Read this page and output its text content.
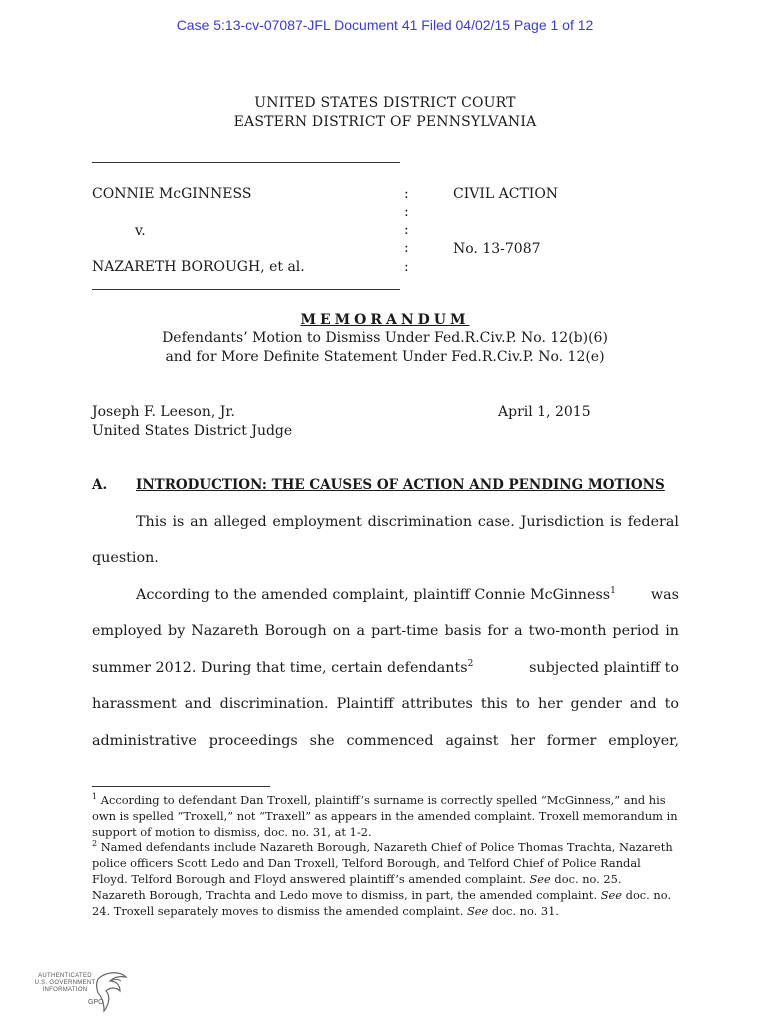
Case 5:13-cv-07087-JFL Document 41 Filed 04/02/15 Page 1 of 12
UNITED STATES DISTRICT COURT
EASTERN DISTRICT OF PENNSYLVANIA
CONNIE McGINNESS
v.
NAZARETH BOROUGH, et al.
:
:
:
:
:
CIVIL ACTION
No. 13-7087
MEMORANDUM
Defendants’ Motion to Dismiss Under Fed.R.Civ.P. No. 12(b)(6)
and for More Definite Statement Under Fed.R.Civ.P. No. 12(e)
Joseph F. Leeson, Jr.
United States District Judge
April 1, 2015
A. INTRODUCTION: THE CAUSES OF ACTION AND PENDING MOTIONS
This is an alleged employment discrimination case. Jurisdiction is federal
question.
According to the amended complaint, plaintiff Connie McGinness$^1$ was
employed by Nazareth Borough on a part-time basis for a two-month period in
summer 2012. During that time, certain defendants$^2$	subjected plaintiff to
harassment and discrimination. Plaintiff attributes this to her gender and to
administrative proceedings she commenced against her former employer,

$^1$ According to defendant Dan Troxell, plaintiff’s surname is correctly spelled “McGinness,” and his own is spelled “Troxell,” not “Traxell” as appears in the amended complaint. Troxell memorandum in support of motion to dismiss, doc. no. 31, at 1-2.

$^2$ Named defendants include Nazareth Borough, Nazareth Chief of Police Thomas Trachta, Nazareth police officers Scott Ledo and Dan Troxell, Telford Borough, and Telford Chief of Police Randal Floyd. Telford Borough and Floyd answered plaintiff’s amended complaint. See doc. no. 25. Nazareth Borough, Trachta and Ledo move to dismiss, in part, the amended complaint. See doc. no. 24. Troxell separately moves to dismiss the amended complaint. See doc. no. 31.

AUTHENTICATED
U.S. GOVERNMENT
INFORMATION
GPO
